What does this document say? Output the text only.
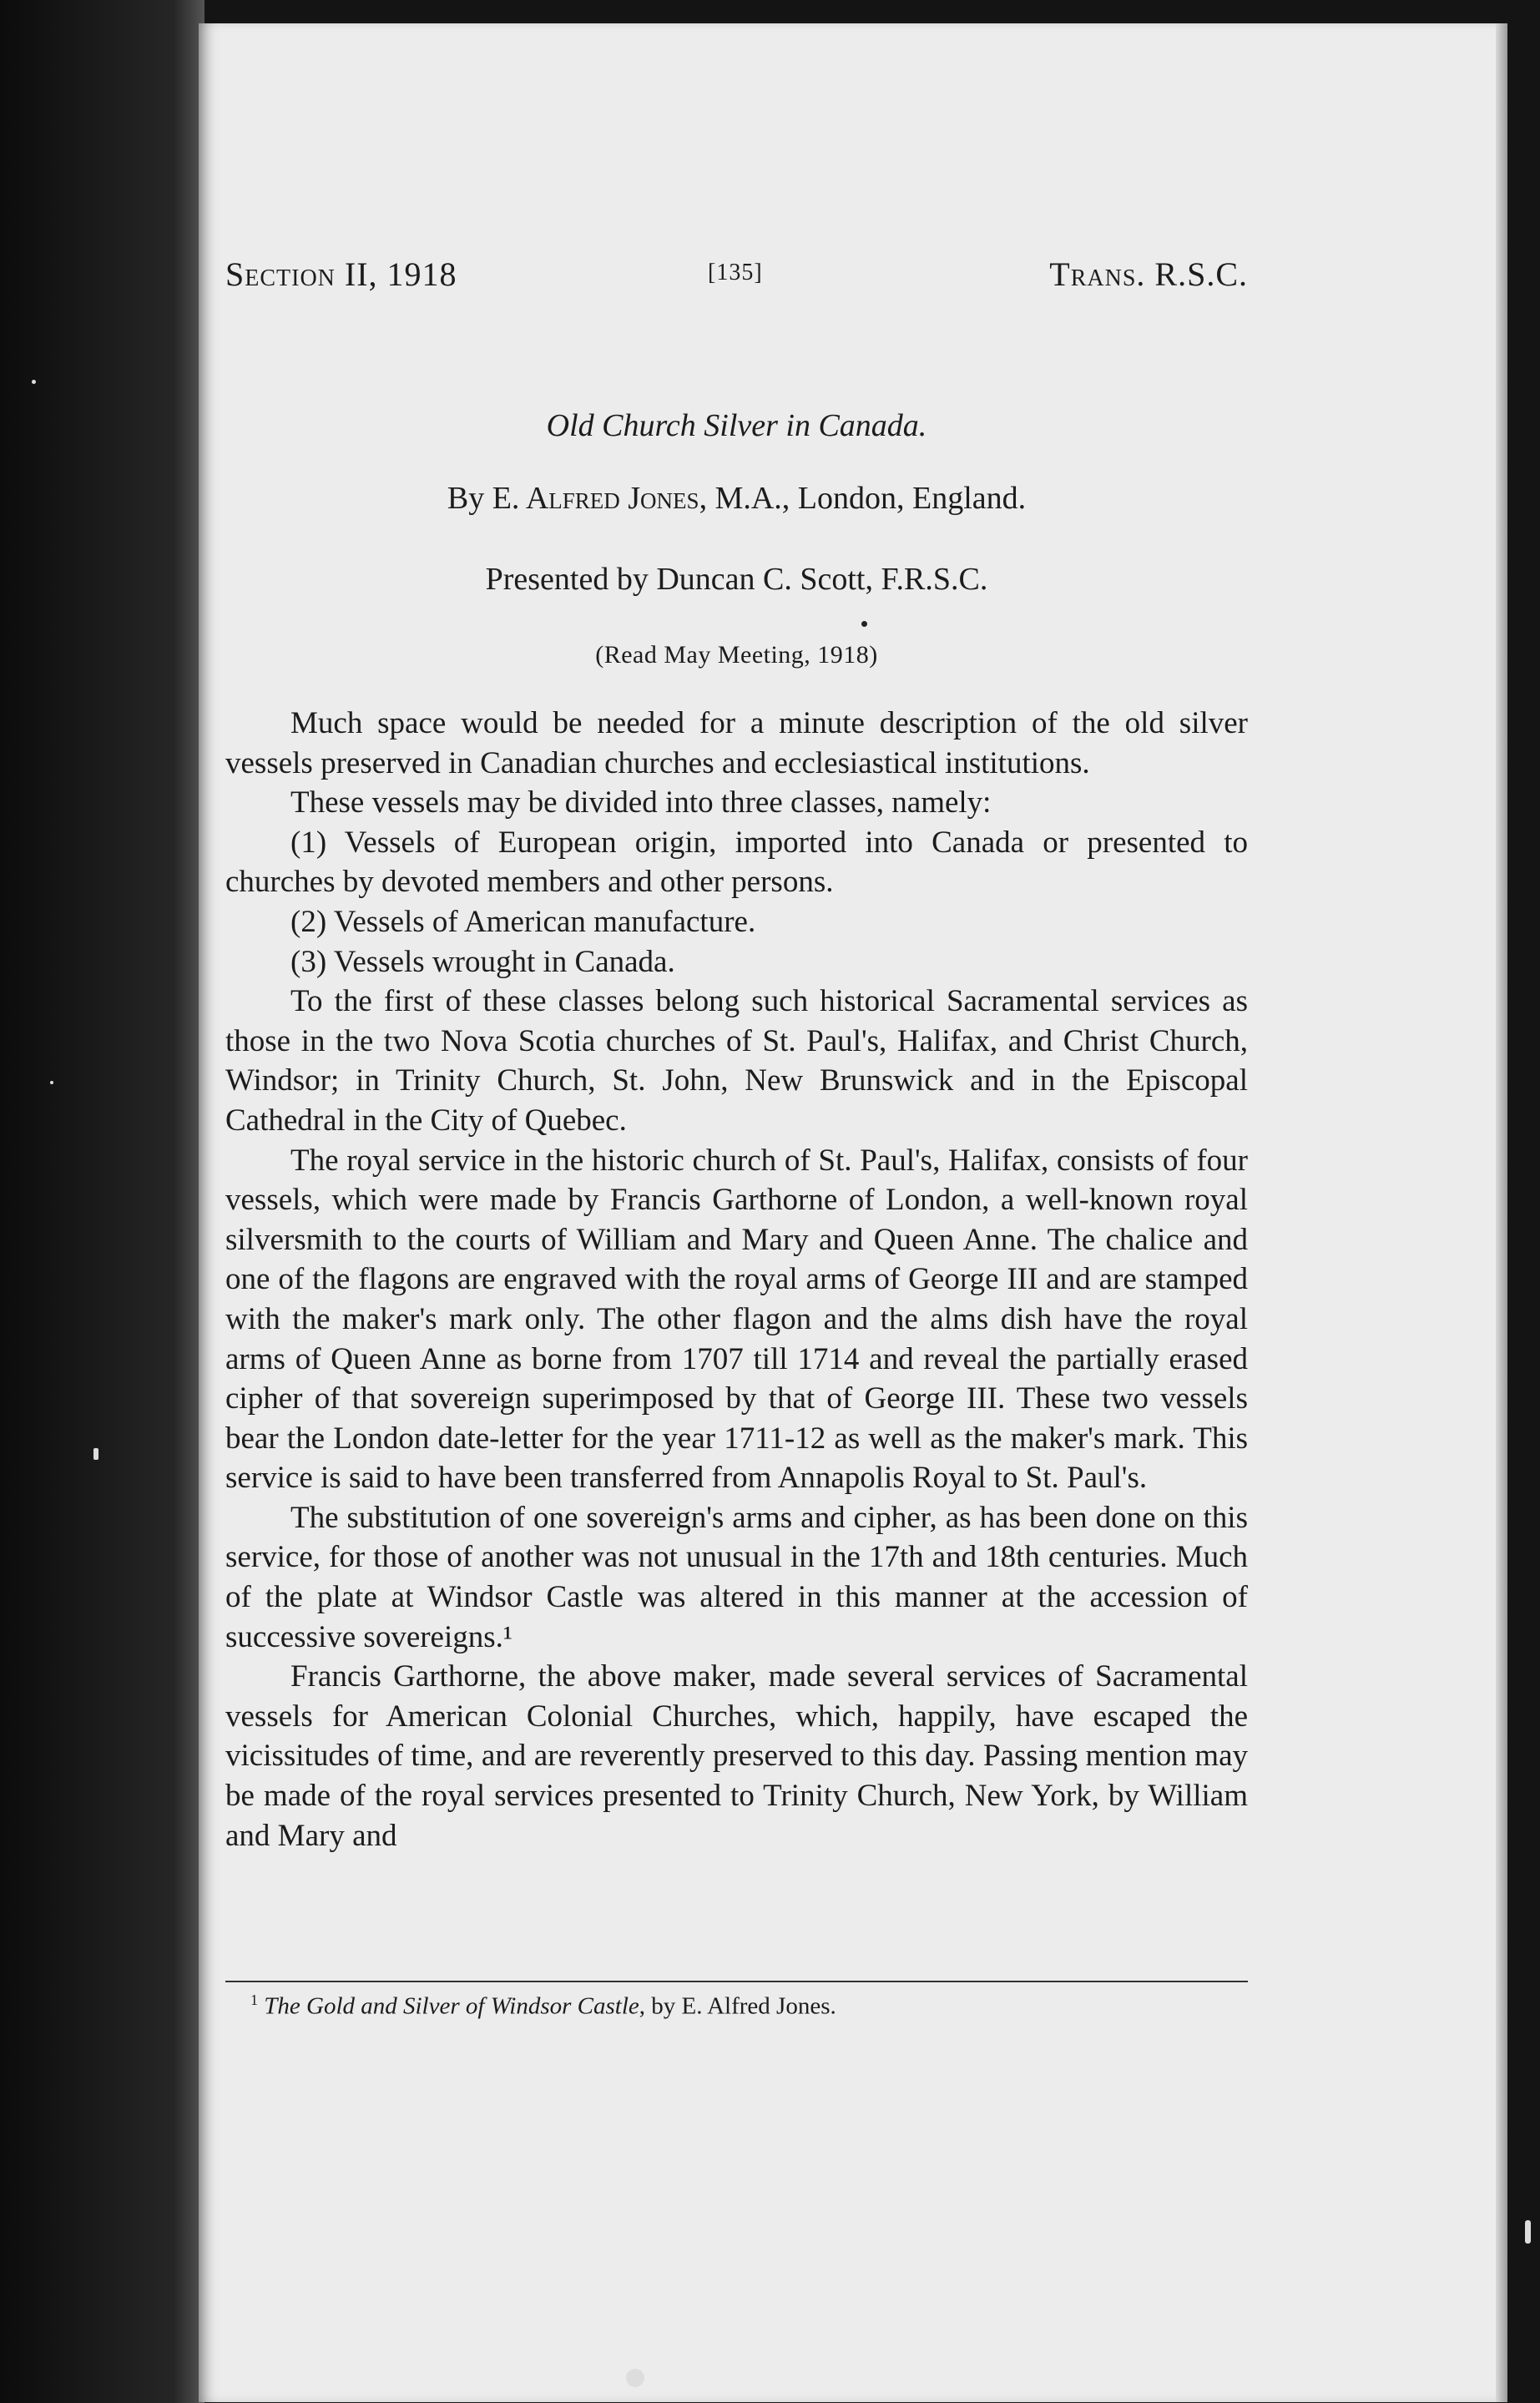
Section II, 1918	[135]	Trans. R.S.C.
Old Church Silver in Canada.
By E. Alfred Jones, M.A., London, England.
Presented by Duncan C. Scott, F.R.S.C.
(Read May Meeting, 1918)

Much space would be needed for a minute description of the old silver vessels preserved in Canadian churches and ecclesiastical institutions.

These vessels may be divided into three classes, namely:

(1) Vessels of European origin, imported into Canada or presented to churches by devoted members and other persons.

(2) Vessels of American manufacture.

(3) Vessels wrought in Canada.

To the first of these classes belong such historical Sacramental services as those in the two Nova Scotia churches of St. Paul's, Halifax, and Christ Church, Windsor; in Trinity Church, St. John, New Brunswick and in the Episcopal Cathedral in the City of Quebec.

The royal service in the historic church of St. Paul's, Halifax, consists of four vessels, which were made by Francis Garthorne of London, a well-known royal silversmith to the courts of William and Mary and Queen Anne. The chalice and one of the flagons are engraved with the royal arms of George III and are stamped with the maker's mark only. The other flagon and the alms dish have the royal arms of Queen Anne as borne from 1707 till 1714 and reveal the partially erased cipher of that sovereign superimposed by that of George III. These two vessels bear the London date-letter for the year 1711-12 as well as the maker's mark. This service is said to have been transferred from Annapolis Royal to St. Paul's.

The substitution of one sovereign's arms and cipher, as has been done on this service, for those of another was not unusual in the 17th and 18th centuries. Much of the plate at Windsor Castle was altered in this manner at the accession of successive sovereigns.¹

Francis Garthorne, the above maker, made several services of Sacramental vessels for American Colonial Churches, which, happily, have escaped the vicissitudes of time, and are reverently preserved to this day. Passing mention may be made of the royal services presented to Trinity Church, New York, by William and Mary and

$^1$ The Gold and Silver of Windsor Castle, by E. Alfred Jones.
